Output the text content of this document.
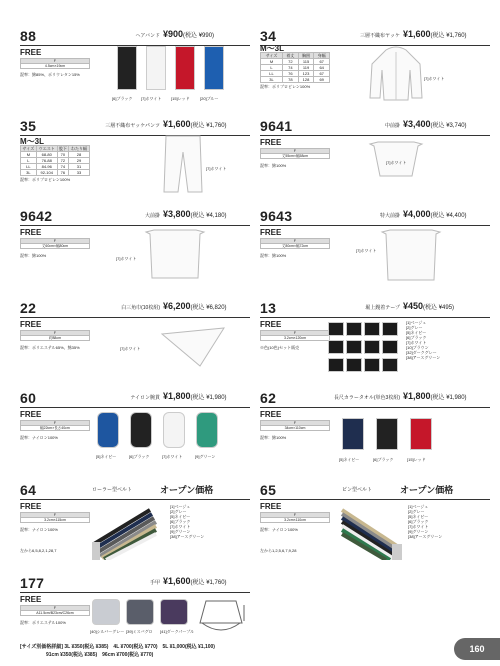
88	ヘアバンド ¥900(税込 ¥990)
FREE
F
4.5cm×19cm
混率：綿85%、ポリウレタン15%
[6]ブラック [7]ホワイト [15]レッド	[20]ブルー
34	三層不織布ヤッケ ¥1,600(税込 ¥1,760)
M～3L
サイズ	着丈	胸囲	身幅
M	72	115	67
L	74	119	64
LL	76	123	67
3L	78	128	69
混率：ポリプロピレン100%
[7]ホワイト
35	三層不織布ヤッケパンツ ¥1,600(税込 ¥1,760)
M～3L
サイズ	ウエスト	股下	わたり幅
M	68-80	70	28
L	76-88	72	29
LL	84-96	74	31
3L	92-104	76	33
混率：ポリプロピレン100%
[7]ホワイト
9641	中前掛 ¥3,400(税込 ¥3,740)
FREE
F
丈55cm×幅58cm
混率：綿100%
[7]ホワイト
9642	大前掛 ¥3,800(税込 ¥4,180)
FREE
F
丈60cm×幅80cm
混率：綿100%
[7]ホワイト
9643	特大前掛 ¥4,000(税込 ¥4,400)
FREE
F
丈80cm×幅72cm
混率：綿100%
[7]ホワイト
22	白三角巾(10枚組) ¥6,200(税込 ¥6,820)
FREE
F
約88cm
混率：ポリエステル65%、綿35%	[7]ホワイト
13	堀上鏝着テープ ¥450(税込 ¥495)
FREE
F
3.2cm×120cm
※色(10色)セット販売
[1]ベージュ
[2]グレー
[5]ネイビー
[6]ブラック
[7]ホワイト
[10]ブラウン
[32]ダークグレー
[38]アースグリーン
60	ナイロン腕貫 ¥1,800(税込 ¥1,980)
FREE
F
幅22cm×長さ40cm
混率：ナイロン100%
[5]ネイビー	[6]ブラック	[7]ホワイト	[9]グリーン
62	長尺カラータオル(単色3枚組) ¥1,800(税込 ¥1,980)
FREE
F
34cm×110cm
混率：綿100%
[5]ネイビー	[6]ブラック	[15]レッド
64	ローラー型ベルト	オープン価格
FREE
F
3.2cm×115cm
混率：ナイロン100%
[1]ベージュ
[2]グレー
[5]ネイビー
[6]ブラック
[7]ホワイト
[9]グリーン
[38]アースグリーン
左から6,5,8,2,1,28,7
65	ピン型ベルト	オープン価格
FREE
F
3.2cm×110cm
混率：ナイロン100%
[1]ベージュ
[2]グレー
[5]ネイビー
[6]ブラック
[7]ホワイト
[9]グリーン
[38]アースグリーン
左から1,2,5,6,7,9,28
177	手甲 ¥1,600(税込 ¥1,760)
FREE
F
A11.5cm/B23cm/C26cm
混率：ポリエステル100%
[40]シルバーグレー [39]ミスバグロ [41]ダークパープル
[サイズ別価格詳細] 3L ¥350(税込 ¥385)　4L ¥700(税込 ¥770)　5L ¥1,000(税込 ¥1,100)
91cm ¥350(税込 ¥385)　96cm ¥700(税込 ¥770)
160
